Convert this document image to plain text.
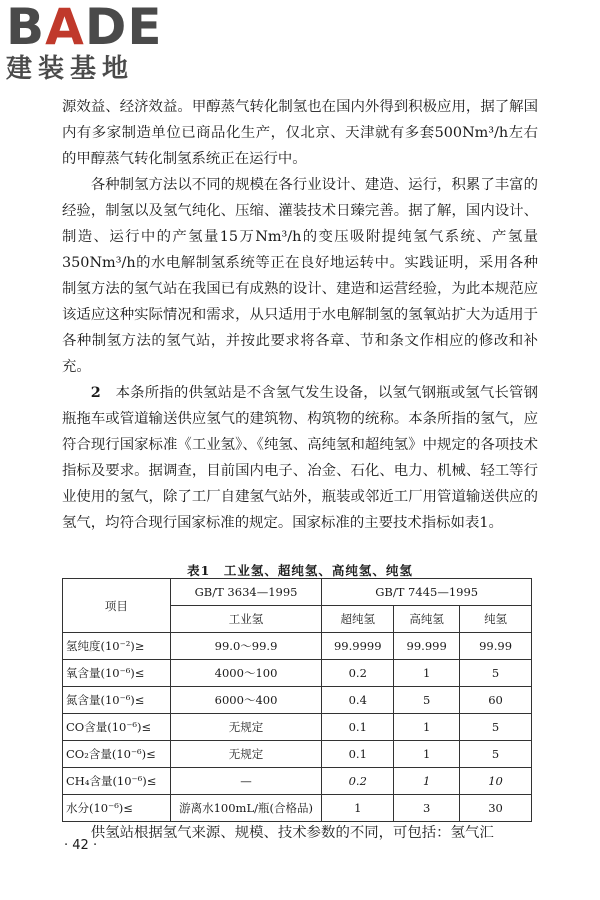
BADE
建装基地

源效益、经济效益。甲醇蒸气转化制氢也在国内外得到积极应用，据了解国内有多家制造单位已商品化生产，仅北京、天津就有多套500Nm³/h左右的甲醇蒸气转化制氢系统正在运行中。

各种制氢方法以不同的规模在各行业设计、建造、运行，积累了丰富的经验，制氢以及氢气纯化、压缩、灌装技术日臻完善。据了解，国内设计、制造、运行中的产氢量15万Nm³/h的变压吸附提纯氢气系统、产氢量350Nm³/h的水电解制氢系统等正在良好地运转中。实践证明，采用各种制氢方法的氢气站在我国已有成熟的设计、建造和运营经验，为此本规范应该适应这种实际情况和需求，从只适用于水电解制氢的氢氧站扩大为适用于各种制氢方法的氢气站，并按此要求将各章、节和条文作相应的修改和补充。

2　 本条所指的供氢站是不含氢气发生设备，以氢气钢瓶或氢气长管钢瓶拖车或管道输送供应氢气的建筑物、构筑物的统称。本条所指的氢气，应符合现行国家标准《工业氢》、《纯氢、高纯氢和超纯氢》中规定的各项技术指标及要求。据调查，目前国内电子、冶金、石化、电力、机械、轻工等行业使用的氢气，除了工厂自建氢气站外，瓶装或邻近工厂用管道输送供应的氢气，均符合现行国家标准的规定。国家标准的主要技术指标如表1。

表1　工业氢、超纯氢、高纯氢、纯氢
项目	GB/T 3634—1995	GB/T 7445—1995		
	工业氢	超纯氢	高纯氢	纯氢
氢纯度(10⁻²)≥	99.0～99.9	99.9999	99.999	99.99
氧含量(10⁻⁶)≤	4000～100	0.2	1	5
氮含量(10⁻⁶)≤	6000～400	0.4	5	60
CO含量(10⁻⁶)≤	无规定	0.1	1	5
CO₂含量(10⁻⁶)≤	无规定	0.1	1	5
CH₄含量(10⁻⁶)≤	—	0.2	1	10
水分(10⁻⁶)≤	游离水100mL/瓶(合格品)	1	3	30

供氢站根据氢气来源、规模、技术参数的不同，可包括：氢气汇

· 42 ·
